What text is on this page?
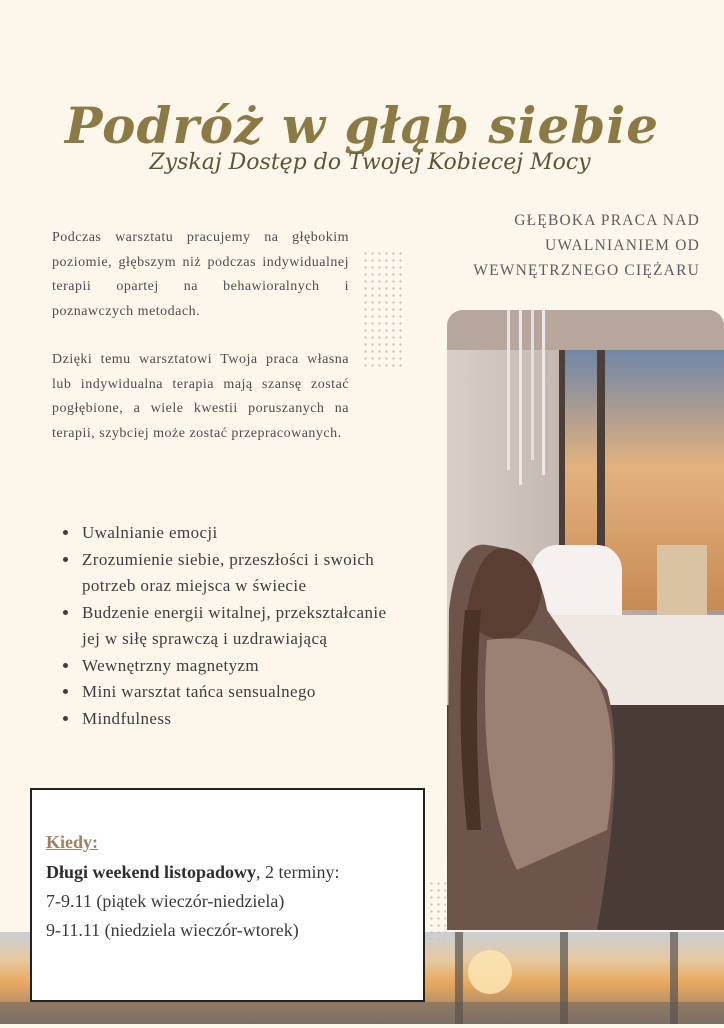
Podróż w głąb siebie
Zyskaj Dostęp do Twojej Kobiecej Mocy
GŁĘBOKA PRACA NAD
UWALNIANIEM OD
WEWNĘTRZNEGO CIĘŻARU

Podczas warsztatu pracujemy na głębokim poziomie, głębszym niż podczas indywidualnej terapii opartej na behawioralnych i poznawczych metodach.

Dzięki temu warsztatowi Twoja praca własna lub indywidualna terapia mają szansę zostać pogłębione, a wiele kwestii poruszanych na terapii, szybciej może zostać przepracowanych.

• Uwalnianie emocji
• Zrozumienie siebie, przeszłości i swoich potrzeb oraz miejsca w świecie
• Budzenie energii witalnej, przekształcanie jej w siłę sprawczą i uzdrawiającą
• Wewnętrzny magnetyzm
• Mini warsztat tańca sensualnego
• Mindfulness
Kiedy:
Długi weekend listopadowy, 2 terminy:
7-9.11 (piątek wieczór-niedziela)
9-11.11 (niedziela wieczór-wtorek)
